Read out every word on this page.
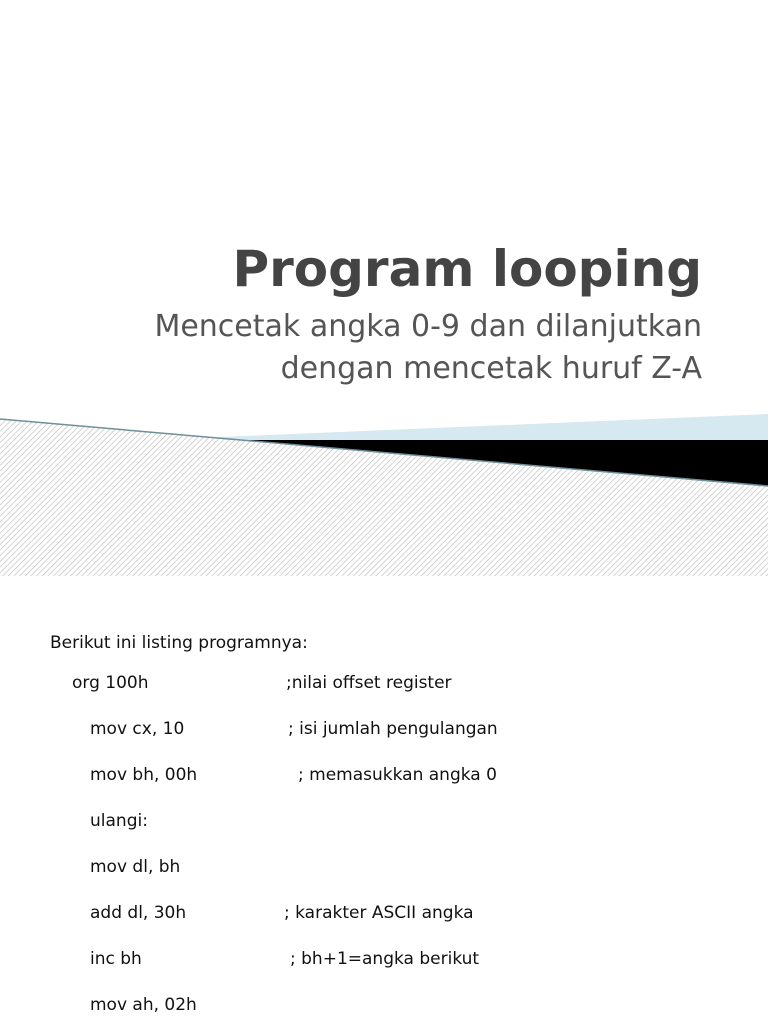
Program looping

Mencetak angka 0-9 dan dilanjutkan
dengan mencetak huruf Z-A

Berikut ini listing programnya:

org 100h	;nilai offset register
mov cx, 10	; isi jumlah pengulangan
mov bh, 00h	; memasukkan angka 0
ulangi:
mov dl, bh
add dl, 30h	; karakter ASCII angka
inc bh	; bh+1=angka berikut
mov ah, 02h
